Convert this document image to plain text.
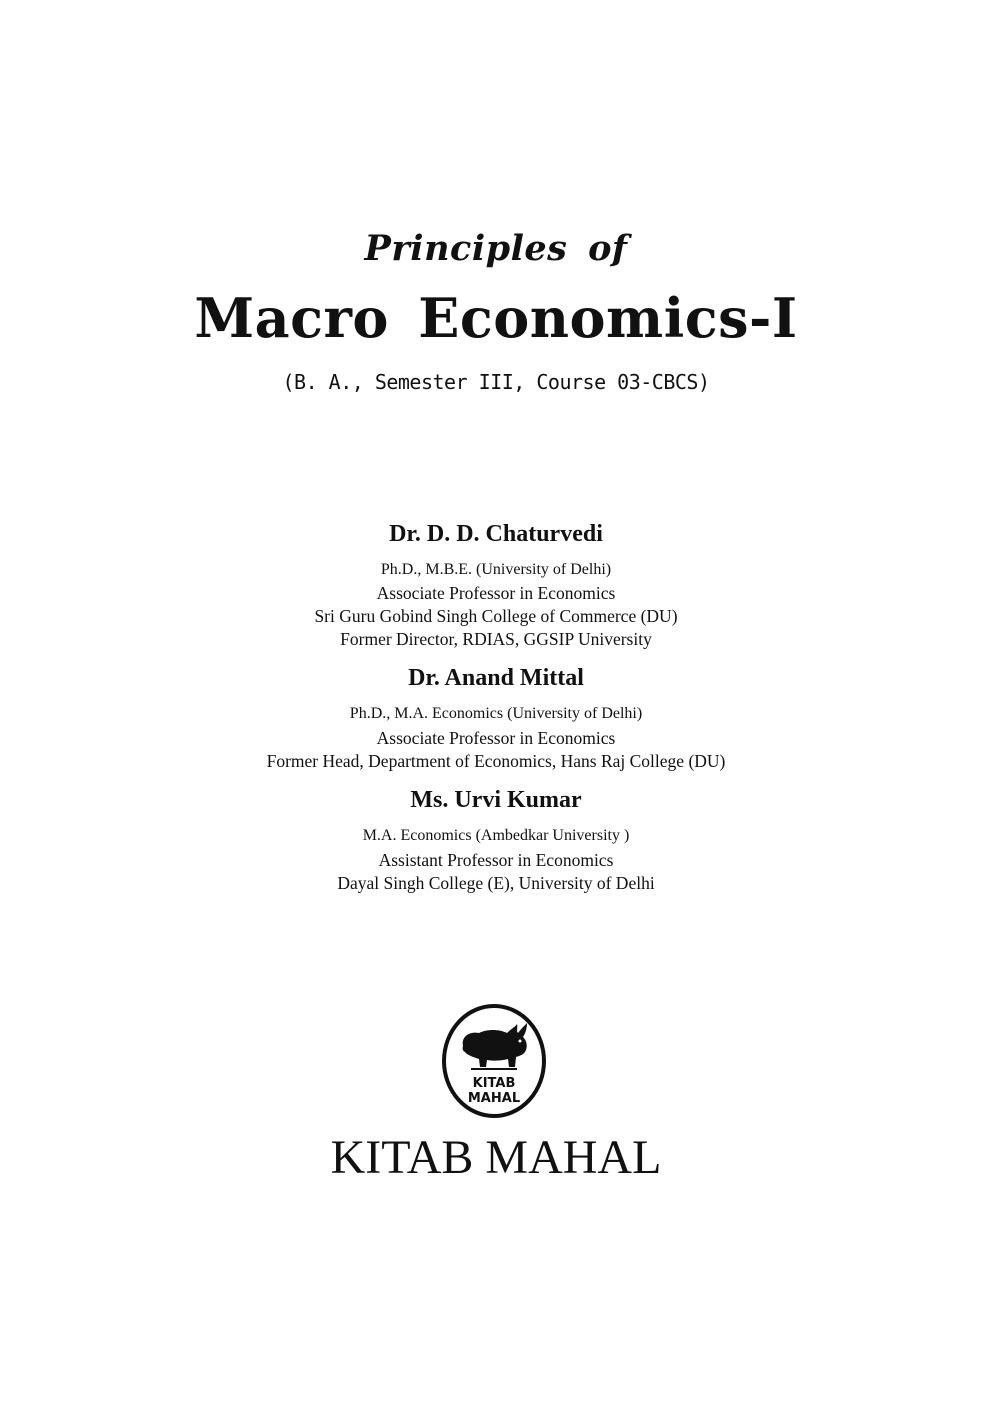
Principles of
Macro Economics-I
(B. A., Semester III, Course 03-CBCS)
Dr. D. D. Chaturvedi
Ph.D., M.B.E. (University of Delhi)
Associate Professor in Economics
Sri Guru Gobind Singh College of Commerce (DU)
Former Director, RDIAS, GGSIP University
Dr. Anand Mittal
Ph.D., M.A. Economics (University of Delhi)
Associate Professor in Economics
Former Head, Department of Economics, Hans Raj College (DU)
Ms. Urvi Kumar
M.A. Economics (Ambedkar University )
Assistant Professor in Economics
Dayal Singh College (E), University of Delhi
KITAB
MAHAL
KITAB MAHAL
